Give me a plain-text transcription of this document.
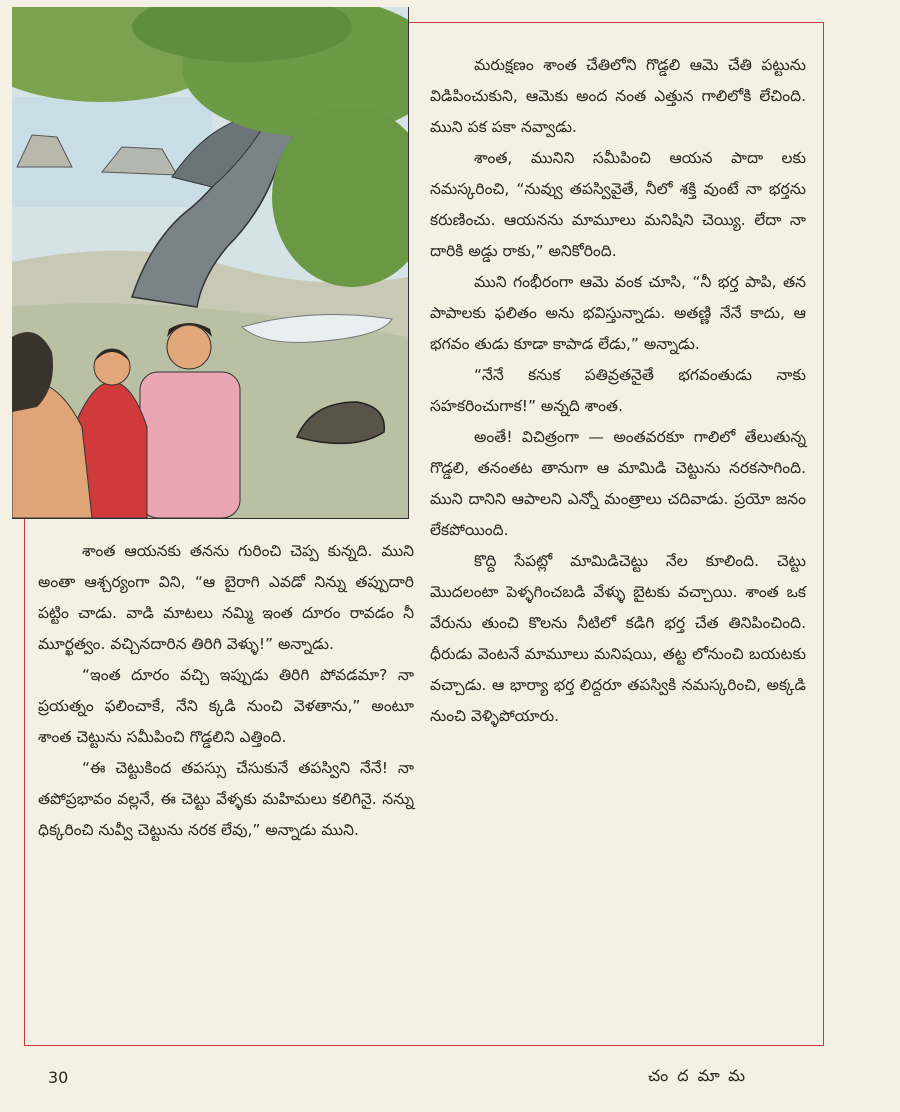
మరుక్షణం శాంత చేతిలోని గొడ్డలి ఆమె చేతి పట్టును విడిపించుకుని, ఆమెకు అంద నంత ఎత్తున గాలిలోకి లేచింది. ముని పక పకా నవ్వాడు.

శాంత, మునిని సమీపించి ఆయన పాదా లకు నమస్కరించి, “నువ్వు తపస్వివైతే, నీలో శక్తి వుంటే నా భర్తను కరుణించు. ఆయనను మామూలు మనిషిని చెయ్యి. లేదా నా దారికి అడ్డు రాకు,” అనికోరింది.

ముని గంభీరంగా ఆమె వంక చూసి, “నీ భర్త పాపి, తన పాపాలకు ఫలితం అను భవిస్తున్నాడు. అతణ్ణి నేనే కాదు, ఆ భగవం తుడు కూడా కాపాడ లేడు,” అన్నాడు.

“నేనే కనుక పతివ్రతనైతే భగవంతుడు నాకు సహకరించుగాక!” అన్నది శాంత.

అంతే! విచిత్రంగా — అంతవరకూ గాలిలో తేలుతున్న గొడ్డలి, తనంతట తానుగా ఆ మామిడి చెట్టును నరకసాగింది. ముని దానిని ఆపాలని ఎన్నో మంత్రాలు చదివాడు. ప్రయో జనం లేకపోయింది.

కొద్ది సేపట్లో మామిడిచెట్టు నేల కూలింది. చెట్టు మొదలంటా పెళ్ళగించబడి వేళ్ళు బైటకు వచ్చాయి. శాంత ఒక వేరును తుంచి కొలను నీటిలో కడిగి భర్త చేత తినిపించింది. ధీరుడు వెంటనే మామూలు మనిషయి, తట్ట లోనుంచి బయటకు వచ్చాడు. ఆ భార్యా భర్త లిద్దరూ తపస్వికి నమస్కరించి, అక్కడి నుంచి వెళ్ళిపోయారు.

శాంత ఆయనకు తనను గురించి చెప్ప కున్నది. ముని అంతా ఆశ్చర్యంగా విని, “ఆ బైరాగి ఎవడో నిన్ను తప్పుదారి పట్టిం చాడు. వాడి మాటలు నమ్మి ఇంత దూరం రావడం నీ మూర్ఖత్వం. వచ్చినదారిన తిరిగి వెళ్ళు!” అన్నాడు.

“ఇంత దూరం వచ్చి ఇప్పుడు తిరిగి పోవడమా? నా ప్రయత్నం ఫలించాకే, నేని క్కడి నుంచి వెళతాను,” అంటూ శాంత చెట్టును సమీపించి గొడ్డలిని ఎత్తింది.

“ఈ చెట్టుకింద తపస్సు చేసుకునే తపస్విని నేనే! నా తపోప్రభావం వల్లనే, ఈ చెట్టు వేళ్ళకు మహిమలు కలిగినై. నన్ను ధిక్కరించి నువ్వీ చెట్టును నరక లేవు,” అన్నాడు ముని.

30	చందమామ
